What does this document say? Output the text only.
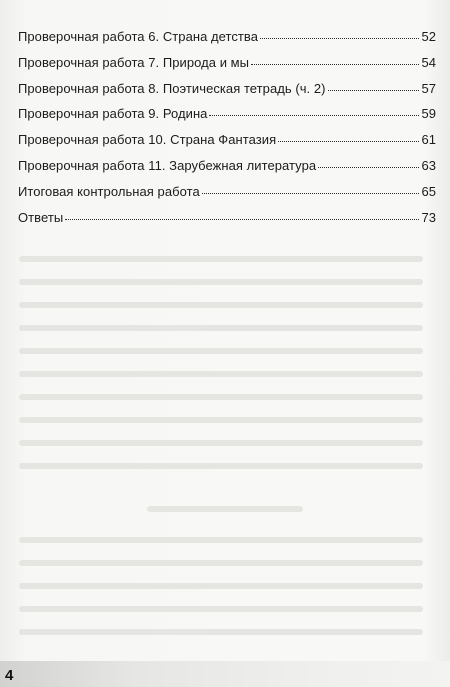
Проверочная работа 6. Страна детства	52
Проверочная работа 7. Природа и мы	54
Проверочная работа 8. Поэтическая тетрадь (ч. 2)	57
Проверочная работа 9. Родина	59
Проверочная работа 10. Страна Фантазия	61
Проверочная работа 11. Зарубежная литература	63
Итоговая контрольная работа	65
Ответы	73
4
